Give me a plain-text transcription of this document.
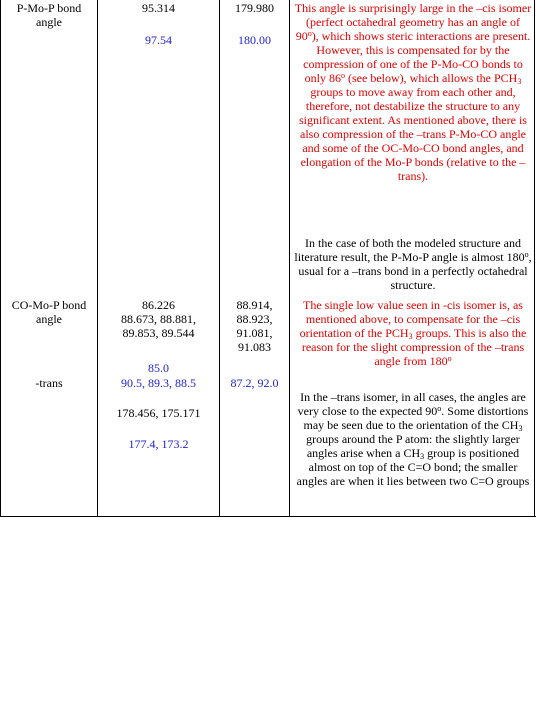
P-Mo-P bond
angle
95.314
97.54
179.980
180.00

This angle is surprisingly large in the –cis isomer (perfect octahedral geometry has an angle of 90$^o$), which shows steric interactions are present. However, this is compensated for by the compression of one of the P-Mo-CO bonds to only 86$^o$ (see below), which allows the $PCH_3$ groups to move away from each other and, therefore, not destabilize the structure to any significant extent. As mentioned above, there is also compression of the –trans P-Mo-CO angle and some of the OC-Mo-CO bond angles, and elongation of the Mo-P bonds (relative to the –trans).

In the case of both the modeled structure and literature result, the P-Mo-P angle is almost 180$^o$, usual for a –trans bond in a perfectly octahedral structure.

CO-Mo-P bond
angle
-trans
86.226
88.673, 88.881,
89.853, 89.544
85.0
90.5, 89.3, 88.5
178.456, 175.171
177.4, 173.2
88.914,
88.923,
91.081,
91.083
87.2, 92.0

The single low value seen in -cis isomer is, as mentioned above, to compensate for the –cis orientation of the $PCH_3$ groups. This is also the reason for the slight compression of the –trans angle from 180$^o$

In the –trans isomer, in all cases, the angles are very close to the expected 90$^o$. Some distortions may be seen due to the orientation of the $CH_3$ groups around the P atom: the slightly larger angles arise when a $CH_3$ group is positioned almost on top of the C=O bond; the smaller angles are when it lies between two C=O groups
